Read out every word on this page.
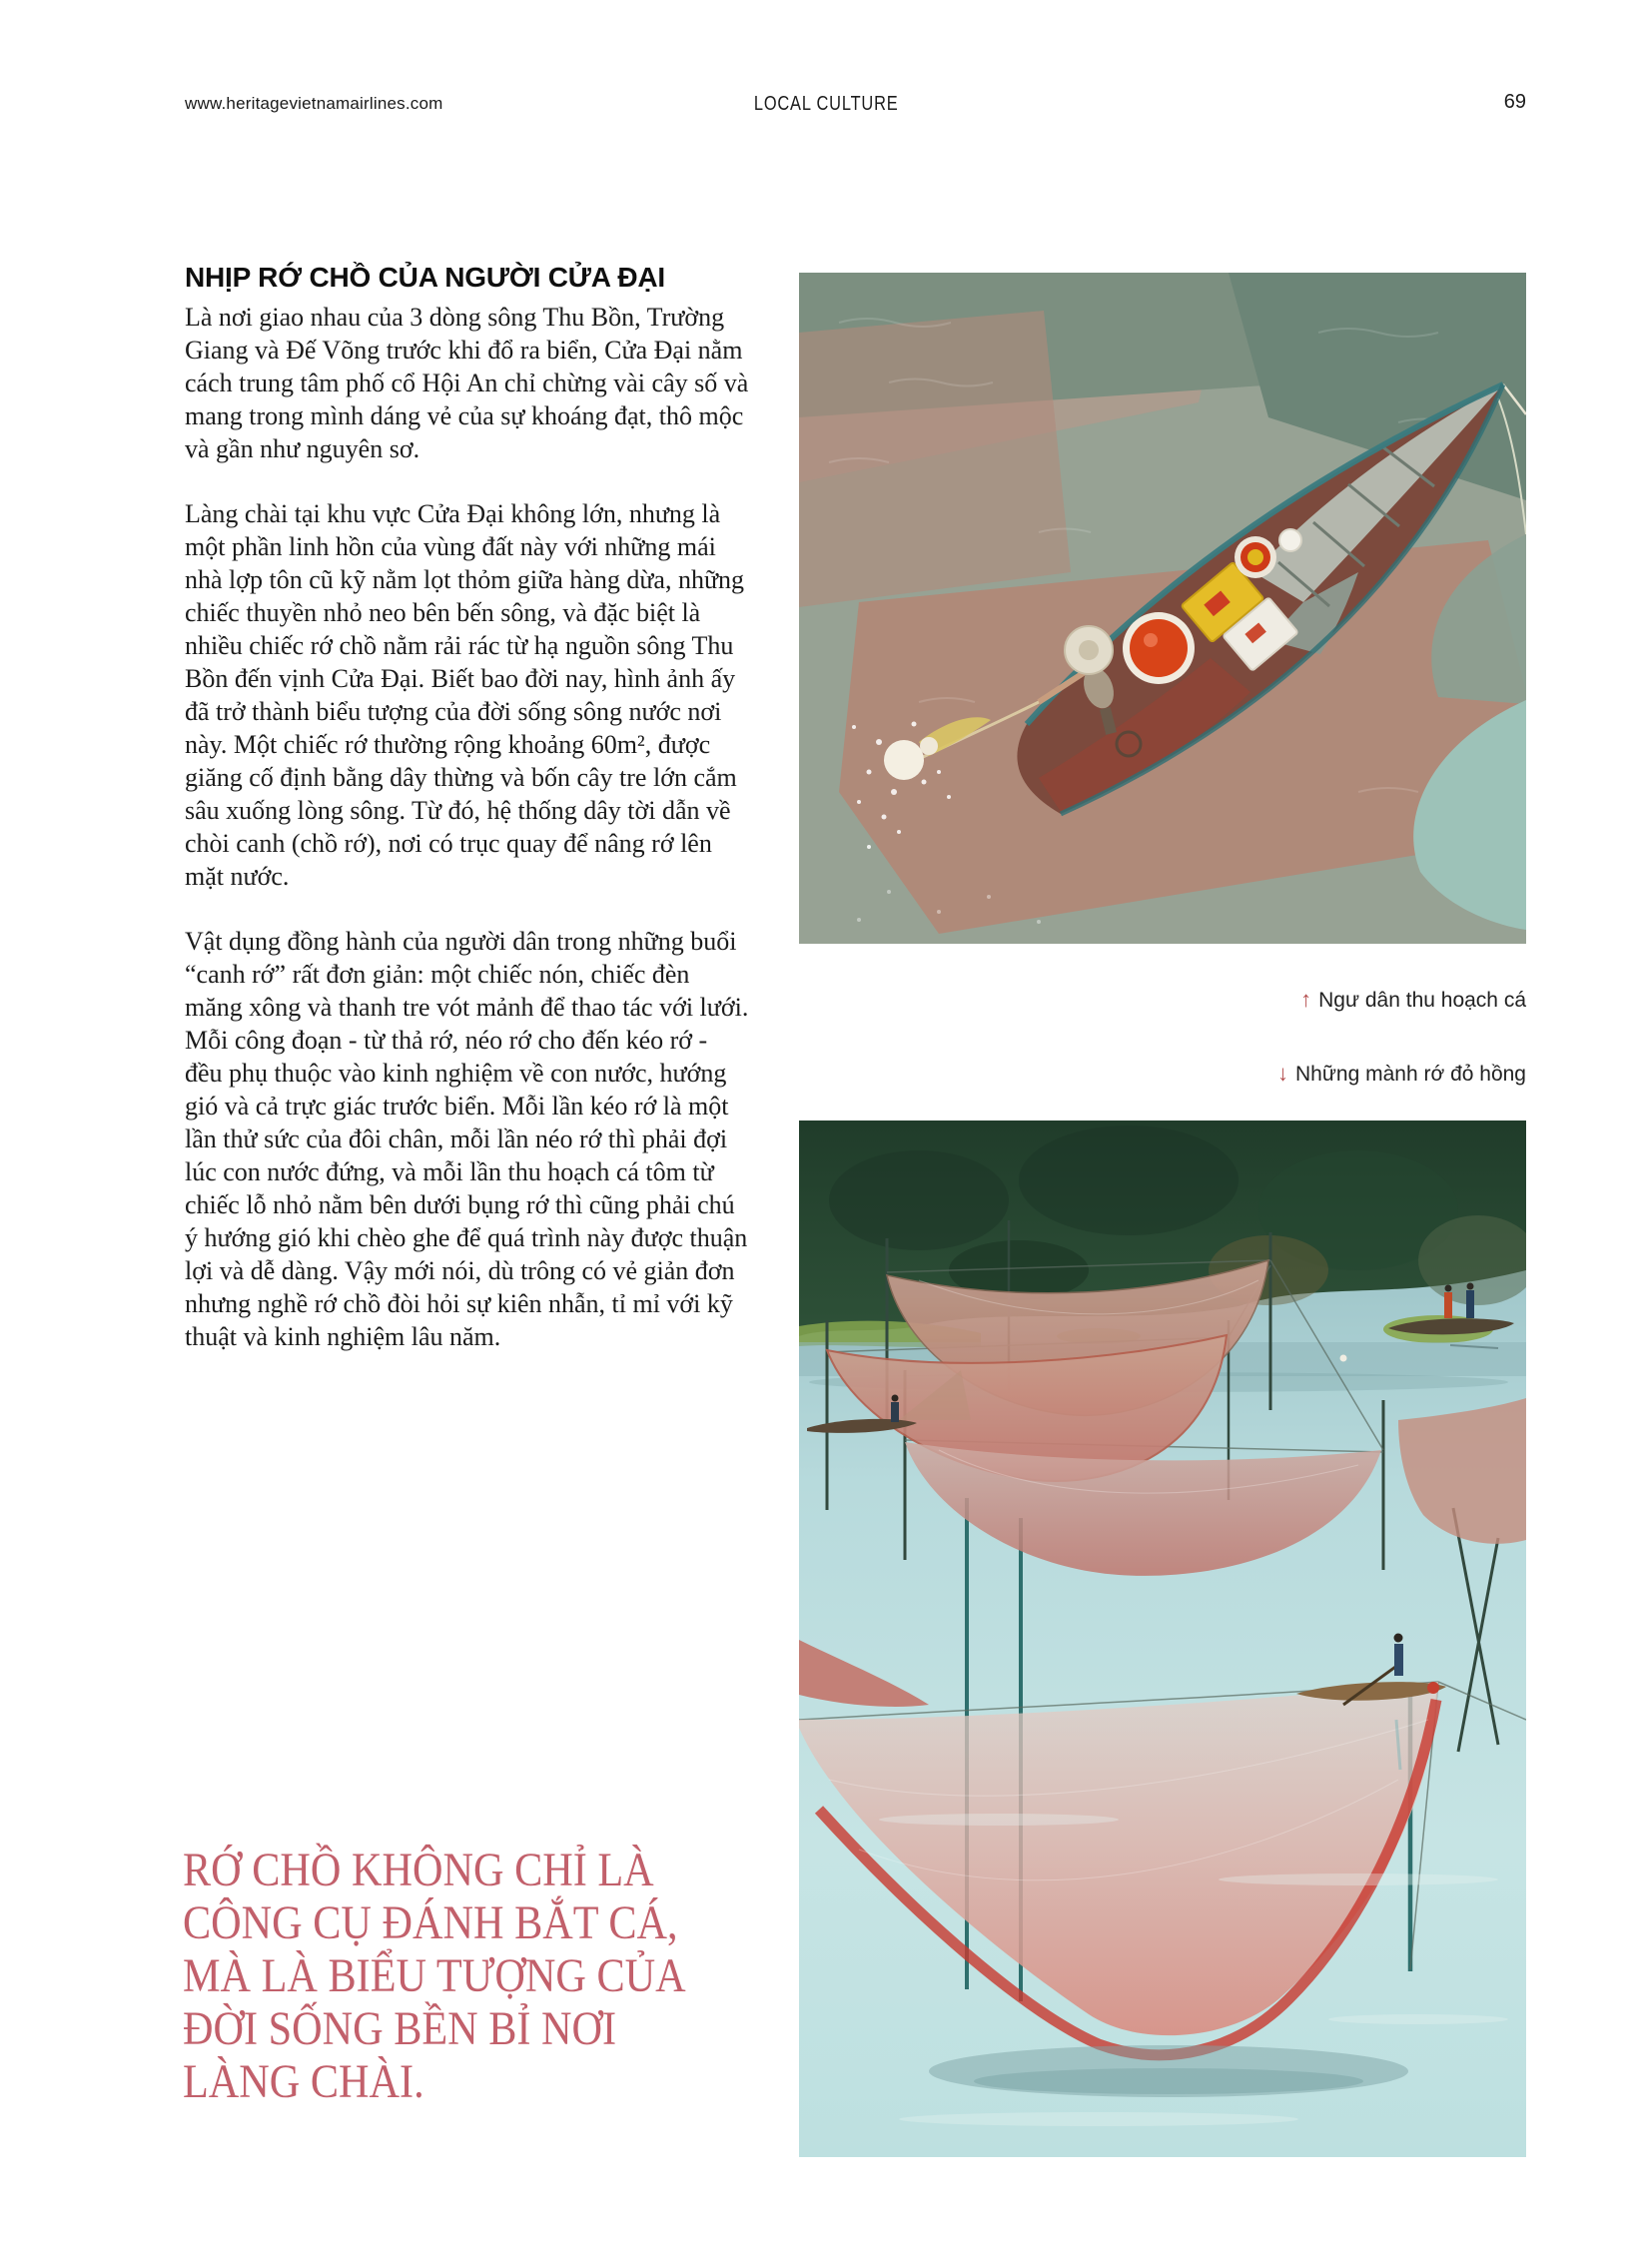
www.heritagevietnamairlines.com	LOCAL CULTURE	69
NHỊP RỚ CHỒ CỦA NGƯỜI CỬA ĐẠI

Là nơi giao nhau của 3 dòng sông Thu Bồn, Trường Giang và Đế Võng trước khi đổ ra biển, Cửa Đại nằm cách trung tâm phố cổ Hội An chỉ chừng vài cây số và mang trong mình dáng vẻ của sự khoáng đạt, thô mộc và gần như nguyên sơ.

Làng chài tại khu vực Cửa Đại không lớn, nhưng là một phần linh hồn của vùng đất này với những mái nhà lợp tôn cũ kỹ nằm lọt thỏm giữa hàng dừa, những chiếc thuyền nhỏ neo bên bến sông, và đặc biệt là nhiều chiếc rớ chồ nằm rải rác từ hạ nguồn sông Thu Bồn đến vịnh Cửa Đại. Biết bao đời nay, hình ảnh ấy đã trở thành biểu tượng của đời sống sông nước nơi này. Một chiếc rớ thường rộng khoảng 60m², được giăng cố định bằng dây thừng và bốn cây tre lớn cắm sâu xuống lòng sông. Từ đó, hệ thống dây tời dẫn về chòi canh (chồ rớ), nơi có trục quay để nâng rớ lên mặt nước.

Vật dụng đồng hành của người dân trong những buổi “canh rớ” rất đơn giản: một chiếc nón, chiếc đèn măng xông và thanh tre vót mảnh để thao tác với lưới. Mỗi công đoạn - từ thả rớ, néo rớ cho đến kéo rớ - đều phụ thuộc vào kinh nghiệm về con nước, hướng gió và cả trực giác trước biển. Mỗi lần kéo rớ là một lần thử sức của đôi chân, mỗi lần néo rớ thì phải đợi lúc con nước đứng, và mỗi lần thu hoạch cá tôm từ chiếc lỗ nhỏ nằm bên dưới bụng rớ thì cũng phải chú ý hướng gió khi chèo ghe để quá trình này được thuận lợi và dễ dàng. Vậy mới nói, dù trông có vẻ giản đơn nhưng nghề rớ chồ đòi hỏi sự kiên nhẫn, tỉ mỉ với kỹ thuật và kinh nghiệm lâu năm.

RỚ CHỒ KHÔNG CHỈ LÀ
CÔNG CỤ ĐÁNH BẮT CÁ,
MÀ LÀ BIỂU TƯỢNG CỦA
ĐỜI SỐNG BỀN BỈ NƠI
LÀNG CHÀI.
↑ Ngư dân thu hoạch cá
↓ Những mành rớ đỏ hồng
